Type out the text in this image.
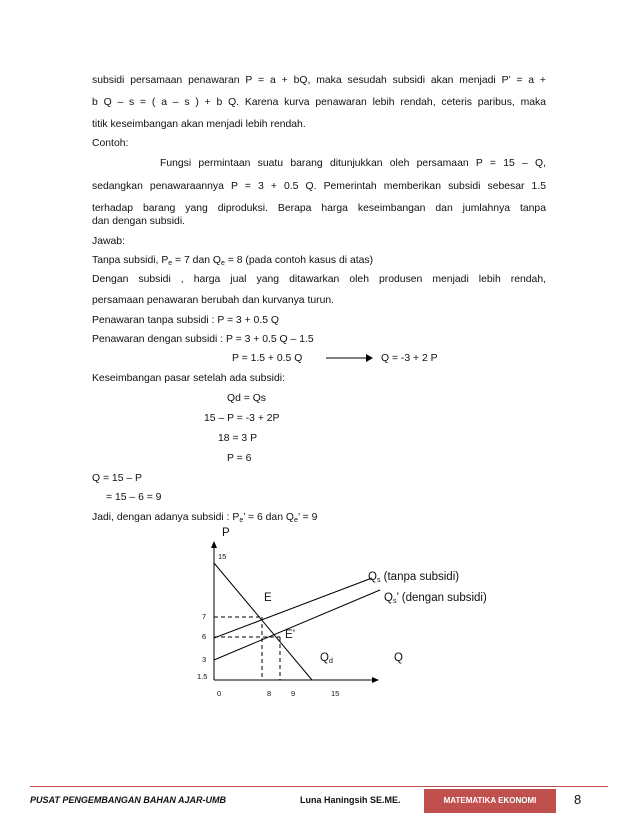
subsidi persamaan penawaran P = a + bQ, maka sesudah subsidi akan menjadi P’ = a +
b Q – s = ( a – s ) + b Q. Karena kurva penawaran lebih rendah, ceteris paribus, maka
titik keseimbangan akan menjadi lebih rendah.
Contoh:
Fungsi permintaan suatu barang ditunjukkan oleh persamaan P = 15 – Q,
sedangkan penawaraannya P = 3 + 0.5 Q. Pemerintah memberikan subsidi sebesar 1.5
terhadap barang yang diproduksi. Berapa harga keseimbangan dan jumlahnya tanpa
dan dengan subsidi.
Jawab:
Tanpa subsidi, $P_e = 7$ dan $Q_e = 8$ (pada contoh kasus di atas)
Dengan subsidi , harga jual yang ditawarkan oleh produsen menjadi lebih rendah,
persamaan penawaran berubah dan kurvanya turun.
Penawaran tanpa subsidi : P = 3 + 0.5 Q
Penawaran dengan subsidi : P = 3 + 0.5 Q – 1.5
P = 1.5 + 0.5 Q	Q = -3 + 2 P
Keseimbangan pasar setelah ada subsidi:
Qd = Qs
15 – P = -3 + 2P
18 = 3 P
P = 6
Q = 15 – P
= 15 – 6 = 9
Jadi, dengan adanya subsidi : $P_e$’ = 6 dan $Q_e$’ = 9
P
Q
15
7
6
3
1.5
0	8	9	15
E
E’
$Q_s$ (tanpa subsidi)
$Q_s$’ (dengan subsidi)
$Q_d$
PUSAT PENGEMBANGAN BAHAN AJAR-UMB	Luna Haningsih SE.ME.	MATEMATIKA EKONOMI	8
